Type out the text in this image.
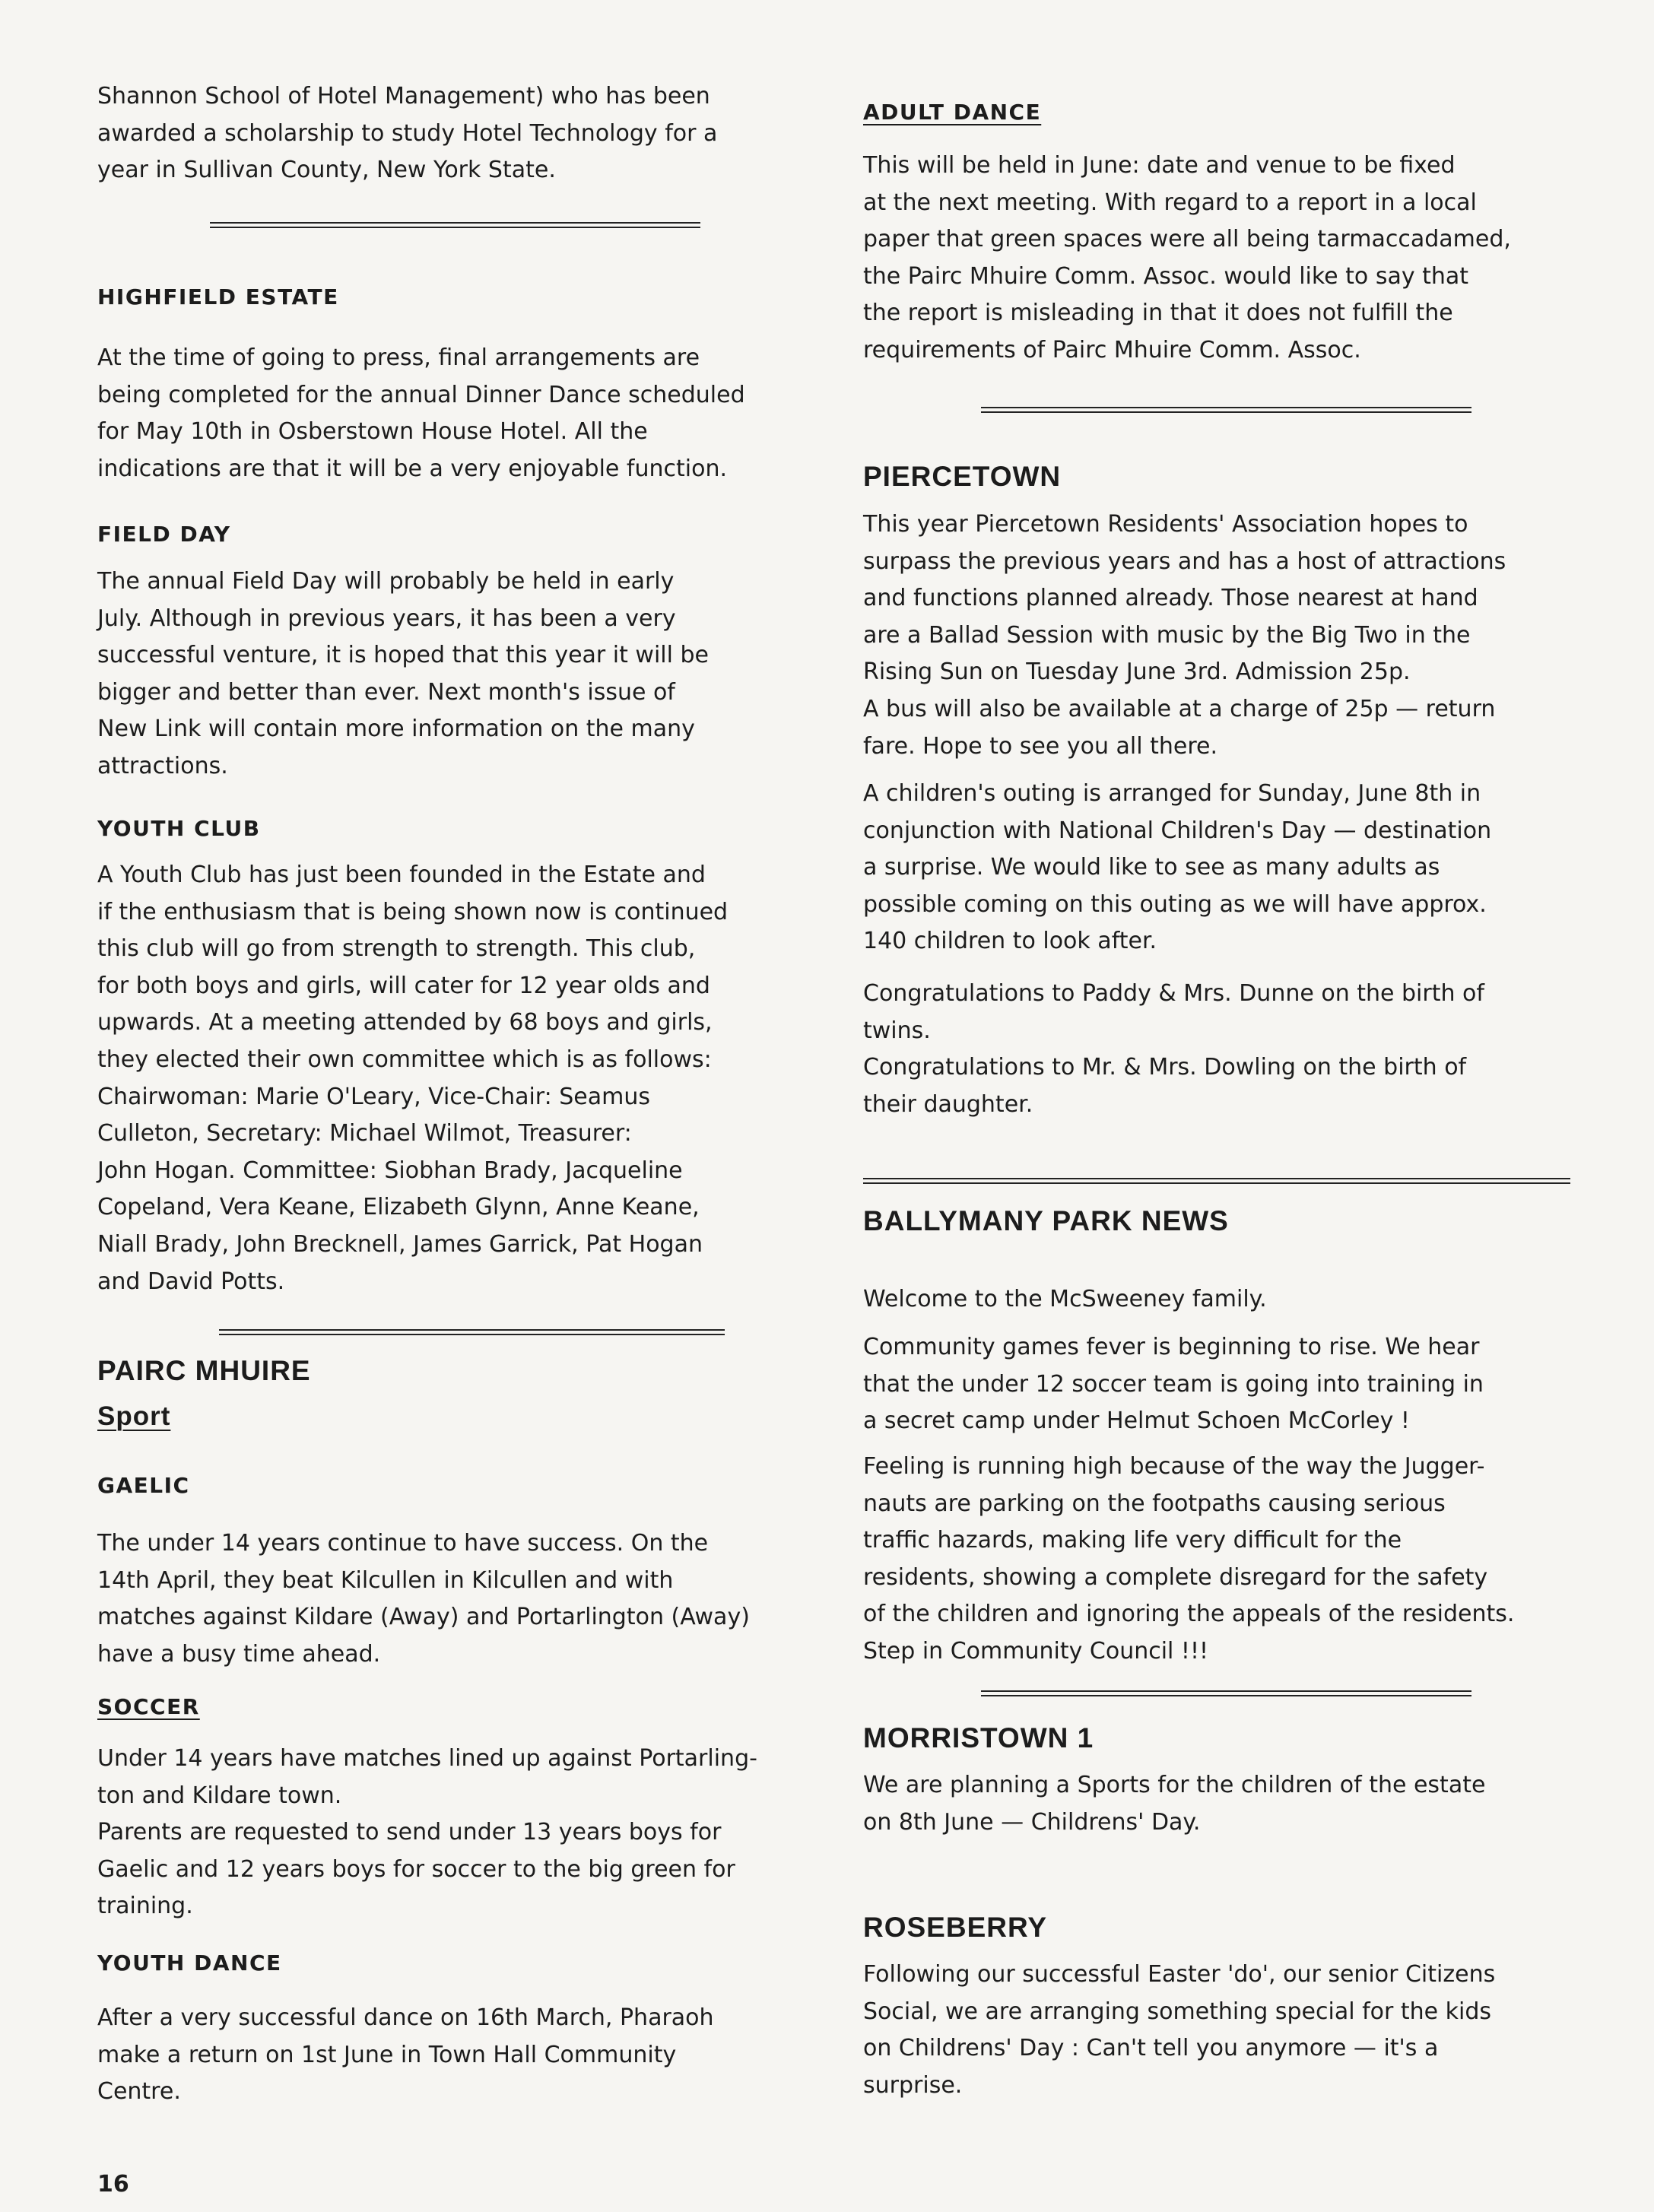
Shannon School of Hotel Management) who has been
awarded a scholarship to study Hotel Technology for a
year in Sullivan County, New York State.

HIGHFIELD ESTATE

At the time of going to press, final arrangements are
being completed for the annual Dinner Dance scheduled
for May 10th in Osberstown House Hotel. All the
indications are that it will be a very enjoyable function.

FIELD DAY

The annual Field Day will probably be held in early
July. Although in previous years, it has been a very
successful venture, it is hoped that this year it will be
bigger and better than ever. Next month's issue of
New Link will contain more information on the many
attractions.

YOUTH CLUB

A Youth Club has just been founded in the Estate and
if the enthusiasm that is being shown now is continued
this club will go from strength to strength. This club,
for both boys and girls, will cater for 12 year olds and
upwards. At a meeting attended by 68 boys and girls,
they elected their own committee which is as follows:
Chairwoman: Marie O'Leary, Vice-Chair: Seamus
Culleton, Secretary: Michael Wilmot, Treasurer:
John Hogan. Committee: Siobhan Brady, Jacqueline
Copeland, Vera Keane, Elizabeth Glynn, Anne Keane,
Niall Brady, John Brecknell, James Garrick, Pat Hogan
and David Potts.

PAIRC MHUIRE
Sport
GAELIC

The under 14 years continue to have success. On the
14th April, they beat Kilcullen in Kilcullen and with
matches against Kildare (Away) and Portarlington (Away)
have a busy time ahead.

SOCCER

Under 14 years have matches lined up against Portarling-
ton and Kildare town.
Parents are requested to send under 13 years boys for
Gaelic and 12 years boys for soccer to the big green for
training.

YOUTH DANCE

After a very successful dance on 16th March, Pharaoh
make a return on 1st June in Town Hall Community
Centre.

ADULT DANCE

This will be held in June: date and venue to be fixed
at the next meeting. With regard to a report in a local
paper that green spaces were all being tarmaccadamed,
the Pairc Mhuire Comm. Assoc. would like to say that
the report is misleading in that it does not fulfill the
requirements of Pairc Mhuire Comm. Assoc.

PIERCETOWN

This year Piercetown Residents' Association hopes to
surpass the previous years and has a host of attractions
and functions planned already. Those nearest at hand
are a Ballad Session with music by the Big Two in the
Rising Sun on Tuesday June 3rd. Admission 25p.
A bus will also be available at a charge of 25p — return
fare. Hope to see you all there.

A children's outing is arranged for Sunday, June 8th in
conjunction with National Children's Day — destination
a surprise. We would like to see as many adults as
possible coming on this outing as we will have approx.
140 children to look after.

Congratulations to Paddy & Mrs. Dunne on the birth of
twins.
Congratulations to Mr. & Mrs. Dowling on the birth of
their daughter.

BALLYMANY PARK NEWS

Welcome to the McSweeney family.

Community games fever is beginning to rise. We hear
that the under 12 soccer team is going into training in
a secret camp under Helmut Schoen McCorley !

Feeling is running high because of the way the Jugger-
nauts are parking on the footpaths causing serious
traffic hazards, making life very difficult for the
residents, showing a complete disregard for the safety
of the children and ignoring the appeals of the residents.
Step in Community Council !!!

MORRISTOWN 1

We are planning a Sports for the children of the estate
on 8th June — Childrens' Day.

ROSEBERRY

Following our successful Easter 'do', our senior Citizens
Social, we are arranging something special for the kids
on Childrens' Day : Can't tell you anymore — it's a
surprise.

16
